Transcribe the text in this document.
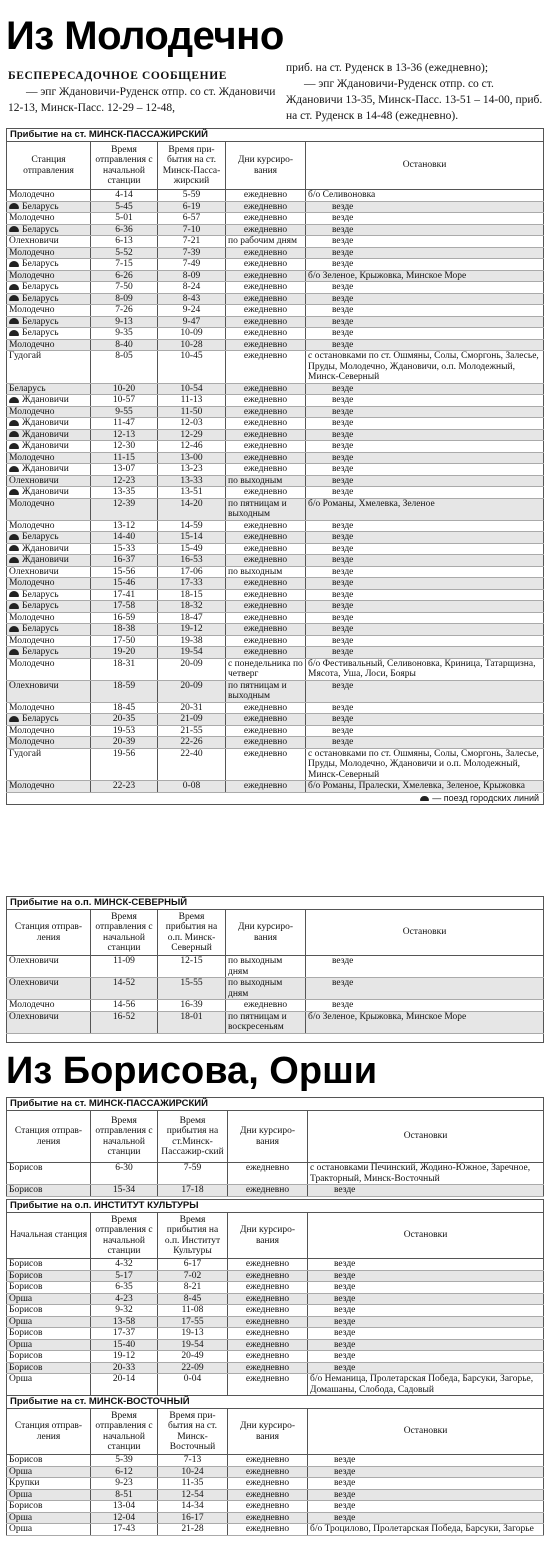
Из Молодечно
БЕСПЕРЕСАДОЧНОЕ СООБЩЕНИЕ
— эпг Ждановичи-Руденск отпр. со ст. Ждановичи 12-13, Минск-Пасс. 12-29 – 12-48,
приб. на ст. Руденск в 13-36 (ежедневно);
— эпг Ждановичи-Руденск отпр. со ст. Ждановичи 13-35, Минск-Пасс. 13-51 – 14-00, приб. на ст. Руденск в 14-48 (ежедневно).
Прибытие на ст. МИНСК-ПАССАЖИРСКИЙ
Станция отправления	Время отправления с начальной станции	Время при-бытия на ст. Минск-Пасса-жирский	Дни курсиро-вания	Остановки
Молодечно	4-14	5-59	ежедневно	б/о Селивоновка
Беларусь	5-45	6-19	ежедневно	везде
Молодечно	5-01	6-57	ежедневно	везде
Беларусь	6-36	7-10	ежедневно	везде
Олехновичи	6-13	7-21	по рабочим дням	везде
Молодечно	5-52	7-39	ежедневно	везде
Беларусь	7-15	7-49	ежедневно	везде
Молодечно	6-26	8-09	ежедневно	б/о Зеленое, Крыжовка, Минское Море
Беларусь	7-50	8-24	ежедневно	везде
Беларусь	8-09	8-43	ежедневно	везде
Молодечно	7-26	9-24	ежедневно	везде
Беларусь	9-13	9-47	ежедневно	везде
Беларусь	9-35	10-09	ежедневно	везде
Молодечно	8-40	10-28	ежедневно	везде
Гудогай	8-05	10-45	ежедневно	с остановками по ст. Ошмяны, Солы, Сморгонь, Залесье, Пруды, Молодечно, Ждановичи, о.п. Молодежный, Минск-Северный
Беларусь	10-20	10-54	ежедневно	везде
Ждановичи	10-57	11-13	ежедневно	везде
Молодечно	9-55	11-50	ежедневно	везде
Ждановичи	11-47	12-03	ежедневно	везде
Ждановичи	12-13	12-29	ежедневно	везде
Ждановичи	12-30	12-46	ежедневно	везде
Молодечно	11-15	13-00	ежедневно	везде
Ждановичи	13-07	13-23	ежедневно	везде
Олехновичи	12-23	13-33	по выходным	везде
Ждановичи	13-35	13-51	ежедневно	везде
Молодечно	12-39	14-20	по пятницам и выходным	б/о Романы, Хмелевка, Зеленое
Молодечно	13-12	14-59	ежедневно	везде
Беларусь	14-40	15-14	ежедневно	везде
Ждановичи	15-33	15-49	ежедневно	везде
Ждановичи	16-37	16-53	ежедневно	везде
Олехновичи	15-56	17-06	по выходным	везде
Молодечно	15-46	17-33	ежедневно	везде
Беларусь	17-41	18-15	ежедневно	везде
Беларусь	17-58	18-32	ежедневно	везде
Молодечно	16-59	18-47	ежедневно	везде
Беларусь	18-38	19-12	ежедневно	везде
Молодечно	17-50	19-38	ежедневно	везде
Беларусь	19-20	19-54	ежедневно	везде
Молодечно	18-31	20-09	с понедельника по четверг	б/о Фестивальный, Селивоновка, Криница, Татарщизна, Мясота, Уша, Лоси, Бояры
Олехновичи	18-59	20-09	по пятницам и выходным	везде
Молодечно	18-45	20-31	ежедневно	везде
Беларусь	20-35	21-09	ежедневно	везде
Молодечно	19-53	21-55	ежедневно	везде
Молодечно	20-39	22-26	ежедневно	везде
Гудогай	19-56	22-40	ежедневно	с остановками по ст. Ошмяны, Солы, Сморгонь, Залесье, Пруды, Молодечно, Ждановичи и о.п. Молодежный, Минск-Северный
Молодечно	22-23	0-08	ежедневно	б/о Романы, Пралески, Хмелевка, Зеленое, Крыжовка
— поезд городских линий
Прибытие на о.п. МИНСК-СЕВЕРНЫЙ
Станция отправ-ления	Время отправления с начальной станции	Время прибытия на о.п. Минск-Северный	Дни курсиро-вания	Остановки
Олехновичи	11-09	12-15	по выходным дням	везде
Олехновичи	14-52	15-55	по выходным дням	везде
Молодечно	14-56	16-39	ежедневно	везде
Олехновичи	16-52	18-01	по пятницам и воскресеньям	б/о Зеленое, Крыжовка, Минское Море
Из Борисова, Орши
Прибытие на ст. МИНСК-ПАССАЖИРСКИЙ
Станция отправ-ления	Время отправления с начальной станции	Время прибытия на ст.Минск-Пассажир-ский	Дни курсиро-вания	Остановки
Борисов	6-30	7-59	ежедневно	с остановками Печинский, Жодино-Южное, Заречное, Тракторный, Минск-Восточный
Борисов	15-34	17-18	ежедневно	везде
Прибытие на о.п. ИНСТИТУТ КУЛЬТУРЫ
Начальная станция	Время отправления с начальной станции	Время прибытия на о.п. Институт Культуры	Дни курсиро-вания	Остановки
Борисов	4-32	6-17	ежедневно	везде
Борисов	5-17	7-02	ежедневно	везде
Борисов	6-35	8-21	ежедневно	везде
Орша	4-23	8-45	ежедневно	везде
Борисов	9-32	11-08	ежедневно	везде
Орша	13-58	17-55	ежедневно	везде
Борисов	17-37	19-13	ежедневно	везде
Орша	15-40	19-54	ежедневно	везде
Борисов	19-12	20-49	ежедневно	везде
Борисов	20-33	22-09	ежедневно	везде
Орша	20-14	0-04	ежедневно	б/о Неманица, Пролетарская Победа, Барсуки, Загорье, Домашаны, Слобода, Садовый
Прибытие на ст. МИНСК-ВОСТОЧНЫЙ
Станция отправ-ления	Время отправления с начальной станции	Время при-бытия на ст. Минск-Восточный	Дни курсиро-вания	Остановки
Борисов	5-39	7-13	ежедневно	везде
Орша	6-12	10-24	ежедневно	везде
Крупки	9-23	11-35	ежедневно	везде
Орша	8-51	12-54	ежедневно	везде
Борисов	13-04	14-34	ежедневно	везде
Орша	12-04	16-17	ежедневно	везде
Орша	17-43	21-28	ежедневно	б/о Троцилово, Пролетарская Победа, Барсуки, Загорье
